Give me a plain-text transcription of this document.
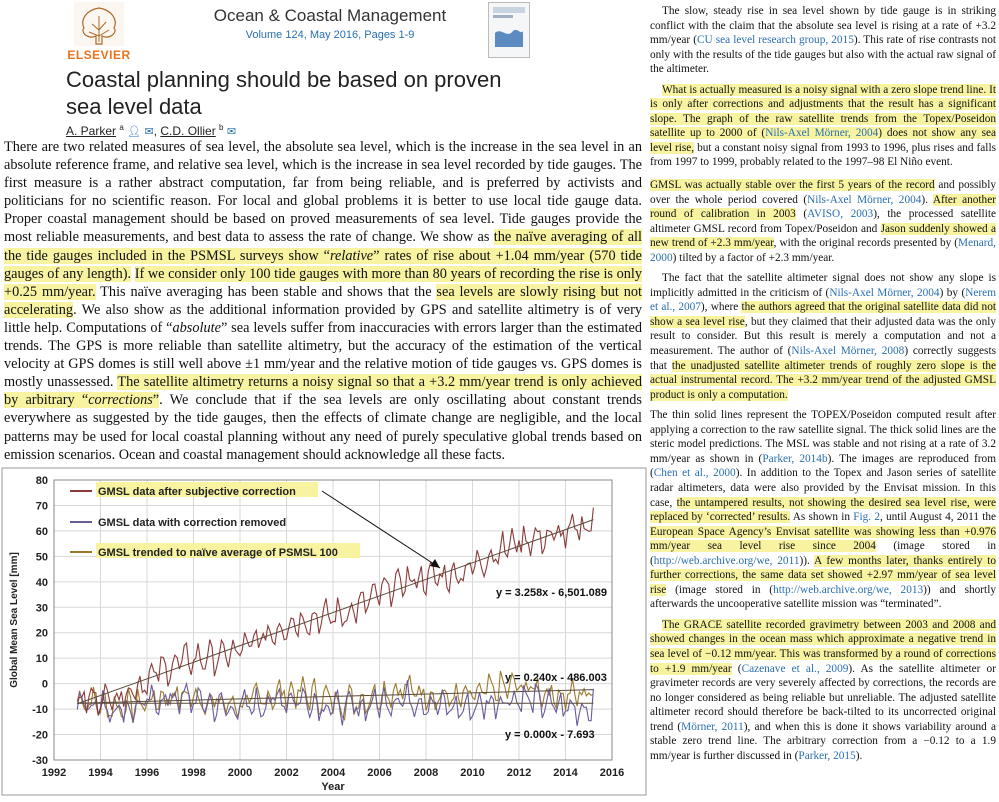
ELSEVIER
Ocean & Coastal Management
Volume 124, May 2016, Pages 1-9
Coastal planning should be based on proven sea level data
A. Parker $^a$ 👤︎ ✉, C.D. Ollier $^b$ ✉
There are two related measures of sea level, the absolute sea level, which is the increase in the sea level in an absolute reference frame, and relative sea level, which is the increase in sea level recorded by tide gauges. The first measure is a rather abstract computation, far from being reliable, and is preferred by activists and politicians for no scientific reason. For local and global problems it is better to use local tide gauge data. Proper coastal management should be based on proved measurements of sea level. Tide gauges provide the most reliable measurements, and best data to assess the rate of change. We show as the naïve averaging of all the tide gauges included in the PSMSL surveys show “relative” rates of rise about +1.04 mm/year (570 tide gauges of any length). If we consider only 100 tide gauges with more than 80 years of recording the rise is only +0.25 mm/year. This naïve averaging has been stable and shows that the sea levels are slowly rising but not accelerating. We also show as the additional information provided by GPS and satellite altimetry is of very little help. Computations of “absolute” sea levels suffer from inaccuracies with errors larger than the estimated trends. The GPS is more reliable than satellite altimetry, but the accuracy of the estimation of the vertical velocity at GPS domes is still well above ±1 mm/year and the relative motion of tide gauges vs. GPS domes is mostly unassessed. The satellite altimetry returns a noisy signal so that a +3.2 mm/year trend is only achieved by arbitrary “corrections”. We conclude that if the sea levels are only oscillating about constant trends everywhere as suggested by the tide gauges, then the effects of climate change are negligible, and the local patterns may be used for local coastal planning without any need of purely speculative global trends based on emission scenarios. Ocean and coastal management should acknowledge all these facts.
-30
-20
-10
0
10
20
30
40
50
60
70
80
1992 1994 1996 1998 2000 2002 2004 2006 2008 2010 2012 2014 2016
Year
Global Mean Sea Level [mm]
GMSL data after subjective correction
GMSL data with correction removed
GMSL trended to naïve average of PSMSL 100
y = 3.258x - 6,501.089
y = 0.000x - 7.693
y = 0.240x - 486.003

The slow, steady rise in sea level shown by tide gauge is in striking conflict with the claim that the absolute sea level is rising at a rate of +3.2 mm/year (CU sea level research group, 2015). This rate of rise contrasts not only with the results of the tide gauges but also with the actual raw signal of the altimeter.

What is actually measured is a noisy signal with a zero slope trend line. It is only after corrections and adjustments that the result has a significant slope. The graph of the raw satellite trends from the Topex/Poseidon satellite up to 2000 of (Nils-Axel Mörner, 2004) does not show any sea level rise, but a constant noisy signal from 1993 to 1996, plus rises and falls from 1997 to 1999, probably related to the 1997–98 El Niño event.

GMSL was actually stable over the first 5 years of the record and possibly over the whole period covered (Nils-Axel Mörner, 2004). After another round of calibration in 2003 (AVISO, 2003), the processed satellite altimeter GMSL record from Topex/Poseidon and Jason suddenly showed a new trend of +2.3 mm/year, with the original records presented by (Menard, 2000) tilted by a factor of +2.3 mm/year.

The fact that the satellite altimeter signal does not show any slope is implicitly admitted in the criticism of (Nils-Axel Mörner, 2004) by (Nerem et al., 2007), where the authors agreed that the original satellite data did not show a sea level rise, but they claimed that their adjusted data was the only result to consider. But this result is merely a computation and not a measurement. The author of (Nils-Axel Mörner, 2008) correctly suggests that the unadjusted satellite altimeter trends of roughly zero slope is the actual instrumental record. The +3.2 mm/year trend of the adjusted GMSL product is only a computation.

The thin solid lines represent the TOPEX/Poseidon computed result after applying a correction to the raw satellite signal. The thick solid lines are the steric model predictions. The MSL was stable and not rising at a rate of 3.2 mm/year as shown in (Parker, 2014b). The images are reproduced from (Chen et al., 2000). In addition to the Topex and Jason series of satellite radar altimeters, data were also provided by the Envisat mission. In this case, the untampered results, not showing the desired sea level rise, were replaced by ‘corrected’ results. As shown in Fig. 2, until August 4, 2011 the European Space Agency’s Envisat satellite was showing less than +0.976 mm/year sea level rise since 2004 (image stored in (http://web.archive.org/we, 2011)). A few months later, thanks entirely to further corrections, the same data set showed +2.97 mm/year of sea level rise (image stored in (http://web.archive.org/we, 2013)) and shortly afterwards the uncooperative satellite mission was “terminated”.

The GRACE satellite recorded gravimetry between 2003 and 2008 and showed changes in the ocean mass which approximate a negative trend in sea level of −0.12 mm/year. This was transformed by a round of corrections to +1.9 mm/year (Cazenave et al., 2009). As the satellite altimeter or gravimeter records are very severely affected by corrections, the records are no longer considered as being reliable but unreliable. The adjusted satellite altimeter record should therefore be back-tilted to its uncorrected original trend (Mörner, 2011), and when this is done it shows variability around a stable zero trend line. The arbitrary correction from a −0.12 to a 1.9 mm/year is further discussed in (Parker, 2015).
